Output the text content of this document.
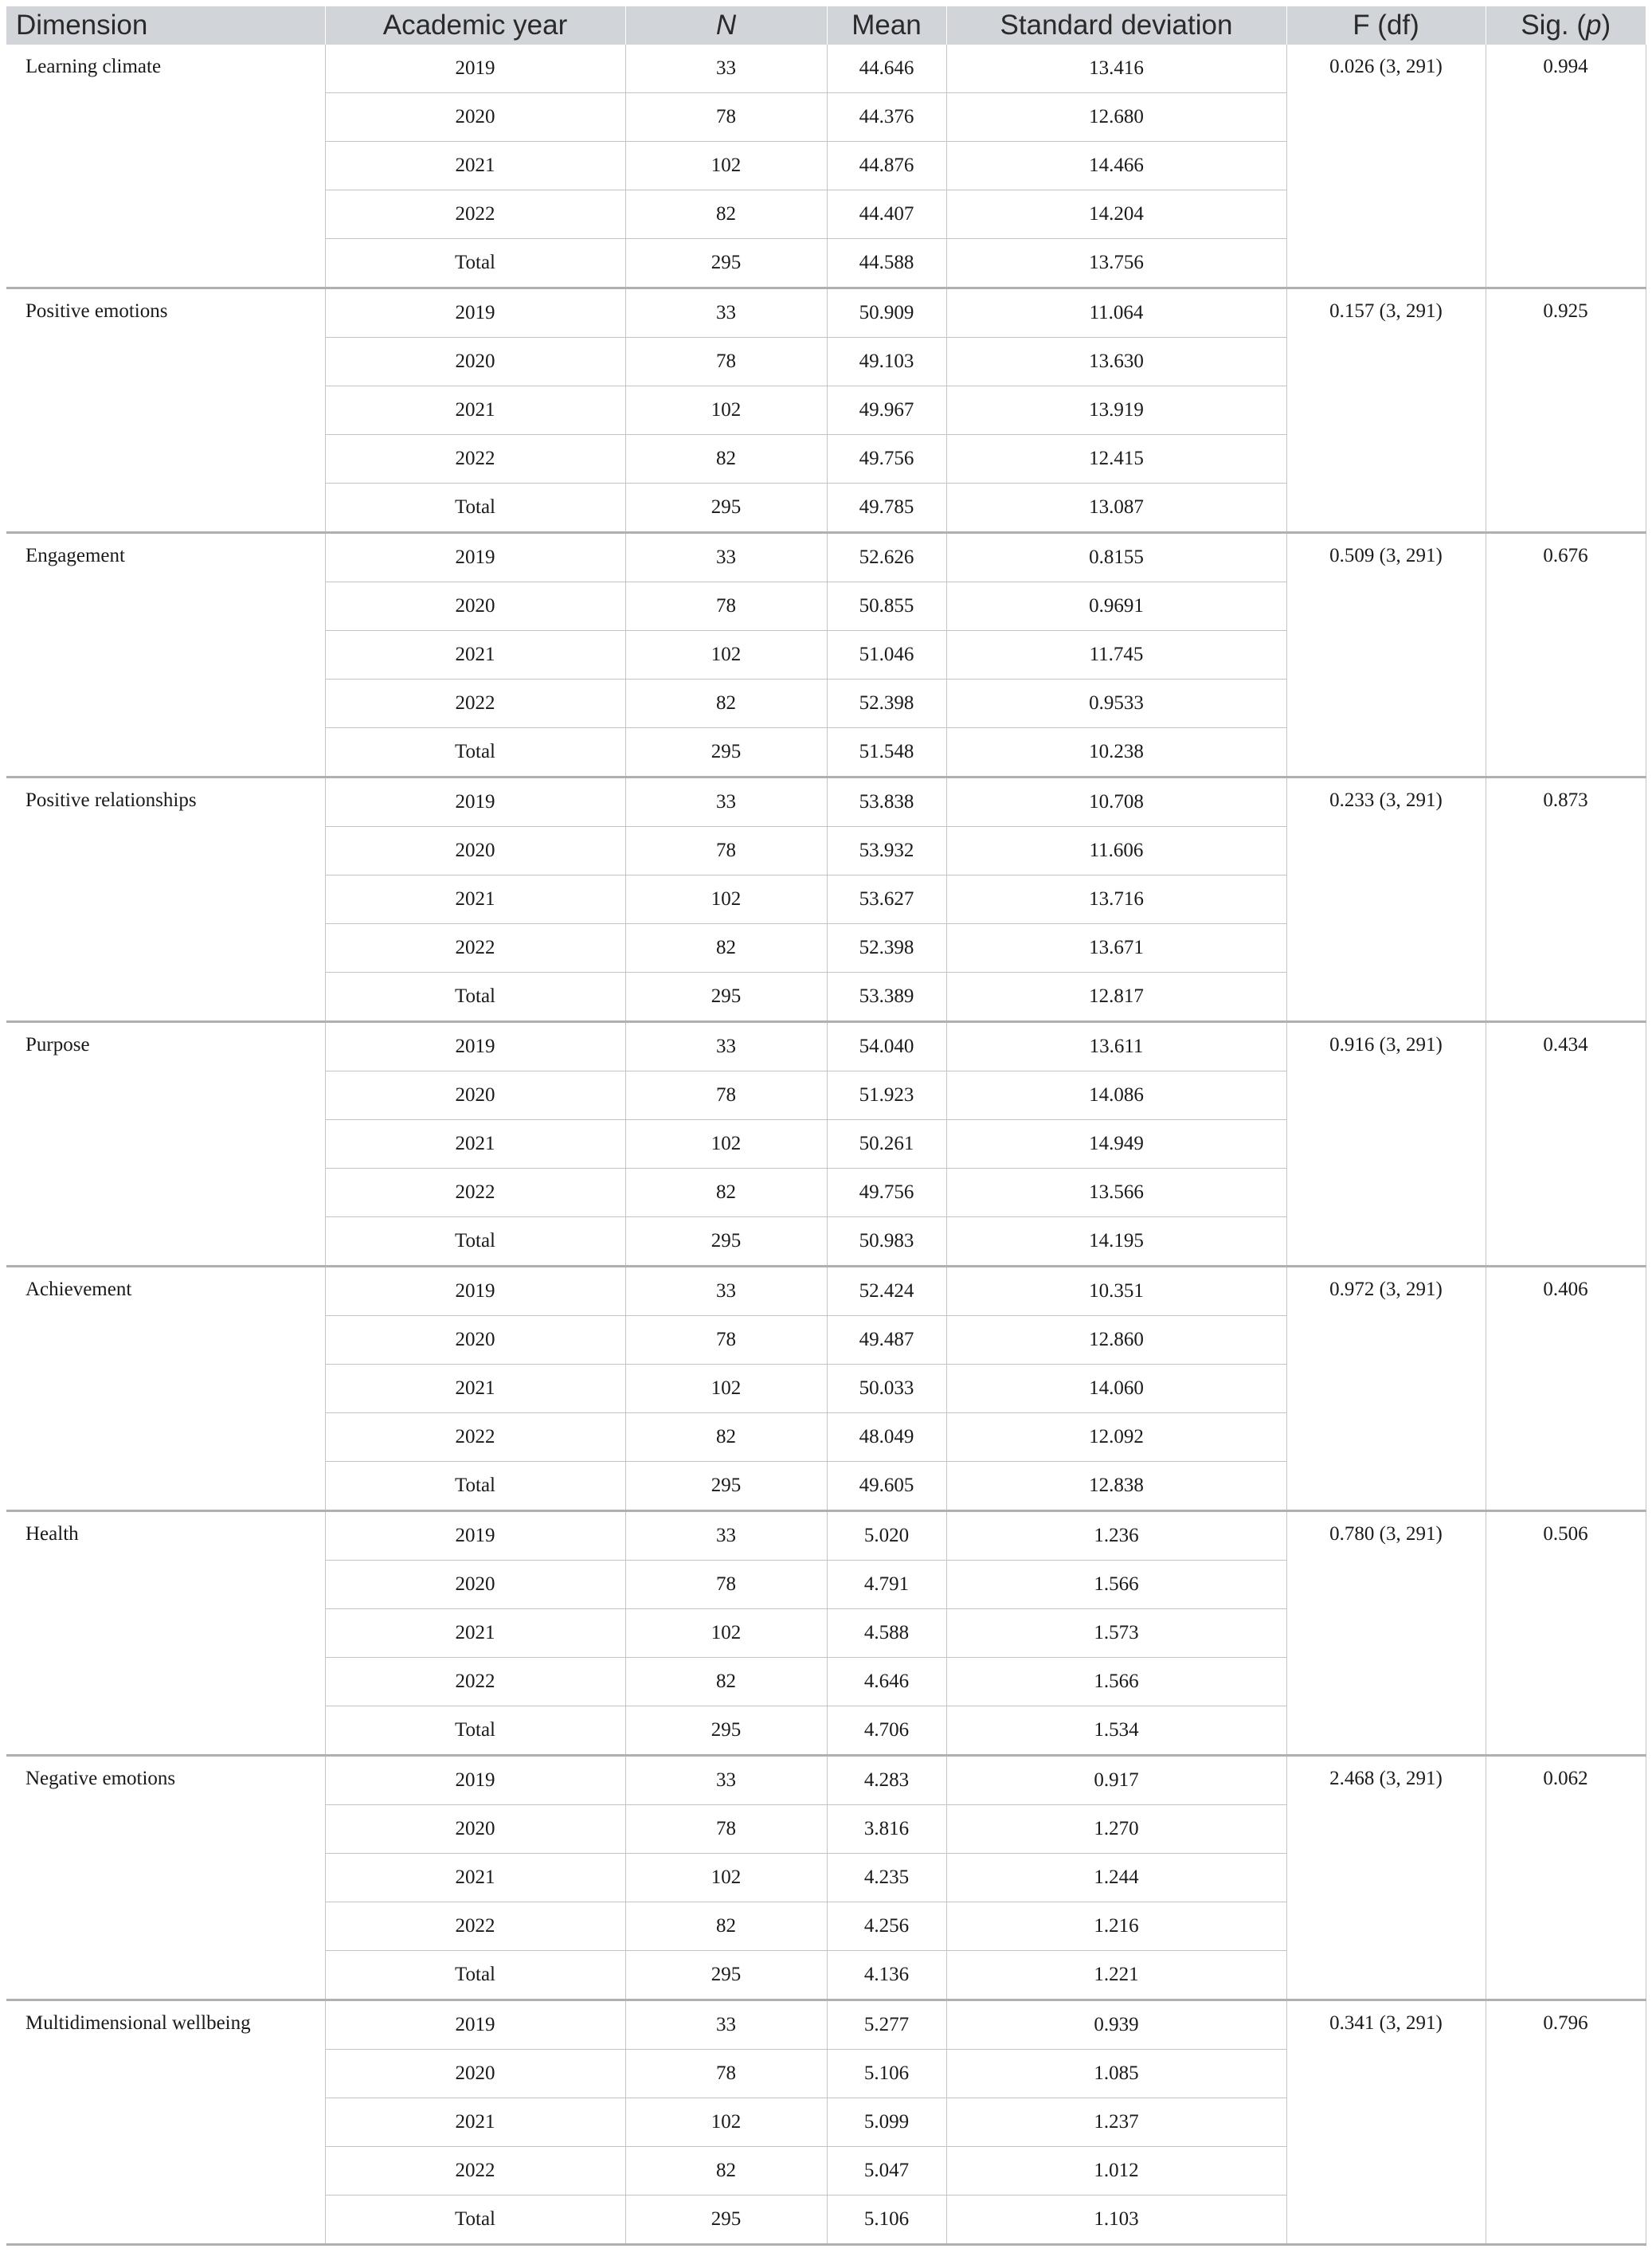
Dimension	Academic year	N	Mean	Standard deviation	F (df)	Sig. (p)
Learning climate	2019	33	44.646	13.416	0.026 (3, 291)	0.994
	2020	78	44.376	12.680		
	2021	102	44.876	14.466		
	2022	82	44.407	14.204		
	Total	295	44.588	13.756		
Positive emotions	2019	33	50.909	11.064	0.157 (3, 291)	0.925
	2020	78	49.103	13.630		
	2021	102	49.967	13.919		
	2022	82	49.756	12.415		
	Total	295	49.785	13.087		
Engagement	2019	33	52.626	0.8155	0.509 (3, 291)	0.676
	2020	78	50.855	0.9691		
	2021	102	51.046	11.745		
	2022	82	52.398	0.9533		
	Total	295	51.548	10.238		
Positive relationships	2019	33	53.838	10.708	0.233 (3, 291)	0.873
	2020	78	53.932	11.606		
	2021	102	53.627	13.716		
	2022	82	52.398	13.671		
	Total	295	53.389	12.817		
Purpose	2019	33	54.040	13.611	0.916 (3, 291)	0.434
	2020	78	51.923	14.086		
	2021	102	50.261	14.949		
	2022	82	49.756	13.566		
	Total	295	50.983	14.195		
Achievement	2019	33	52.424	10.351	0.972 (3, 291)	0.406
	2020	78	49.487	12.860		
	2021	102	50.033	14.060		
	2022	82	48.049	12.092		
	Total	295	49.605	12.838		
Health	2019	33	5.020	1.236	0.780 (3, 291)	0.506
	2020	78	4.791	1.566		
	2021	102	4.588	1.573		
	2022	82	4.646	1.566		
	Total	295	4.706	1.534		
Negative emotions	2019	33	4.283	0.917	2.468 (3, 291)	0.062
	2020	78	3.816	1.270		
	2021	102	4.235	1.244		
	2022	82	4.256	1.216		
	Total	295	4.136	1.221		
Multidimensional wellbeing	2019	33	5.277	0.939	0.341 (3, 291)	0.796
	2020	78	5.106	1.085		
	2021	102	5.099	1.237		
	2022	82	5.047	1.012		
	Total	295	5.106	1.103		
